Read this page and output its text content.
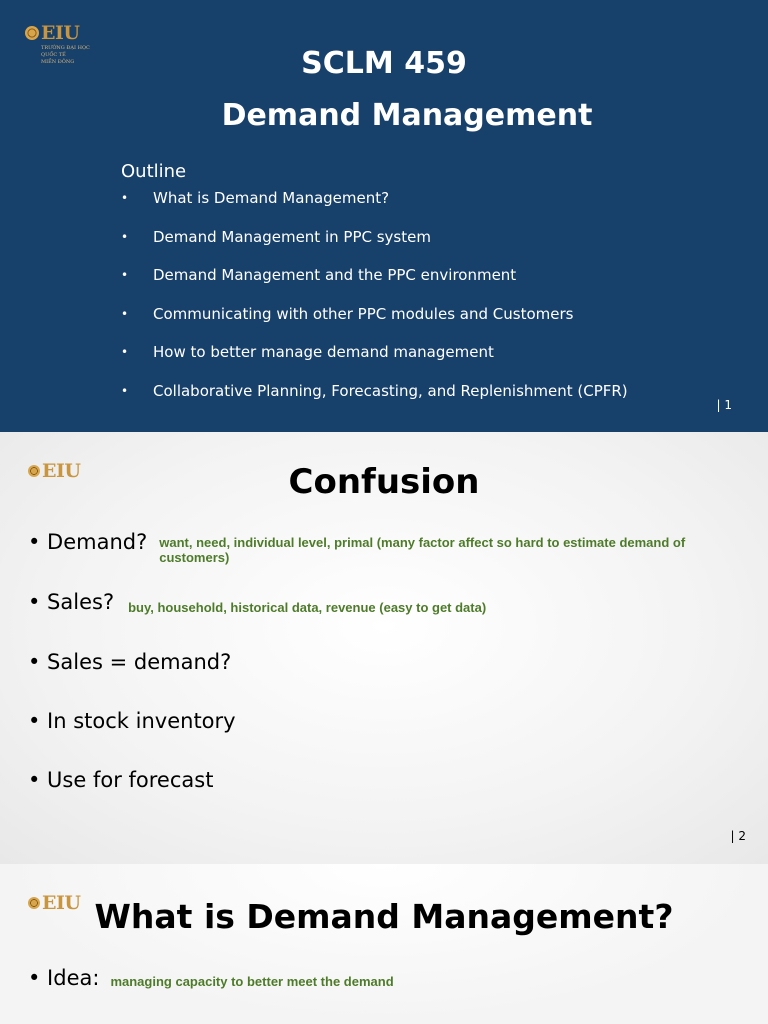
EIU
TRƯỜNG ĐẠI HỌC
QUỐC TẾ
MIỀN ĐÔNG	SCLM 459
Demand Management
Outline
•	What is Demand Management?
•	Demand Management in PPC system
•	Demand Management and the PPC environment
•	Communicating with other PPC modules and Customers
•	How to better manage demand management
•	Collaborative Planning, Forecasting, and Replenishment (CPFR)
| 1
EIU	Confusion
• Demand? want, need, individual level, primal (many factor affect so hard to estimate demand of customers)
• Sales? buy, household, historical data, revenue (easy to get data)
• Sales = demand?
• In stock inventory
• Use for forecast
| 2
EIU What is Demand Management?
• Idea: managing capacity to better meet the demand
